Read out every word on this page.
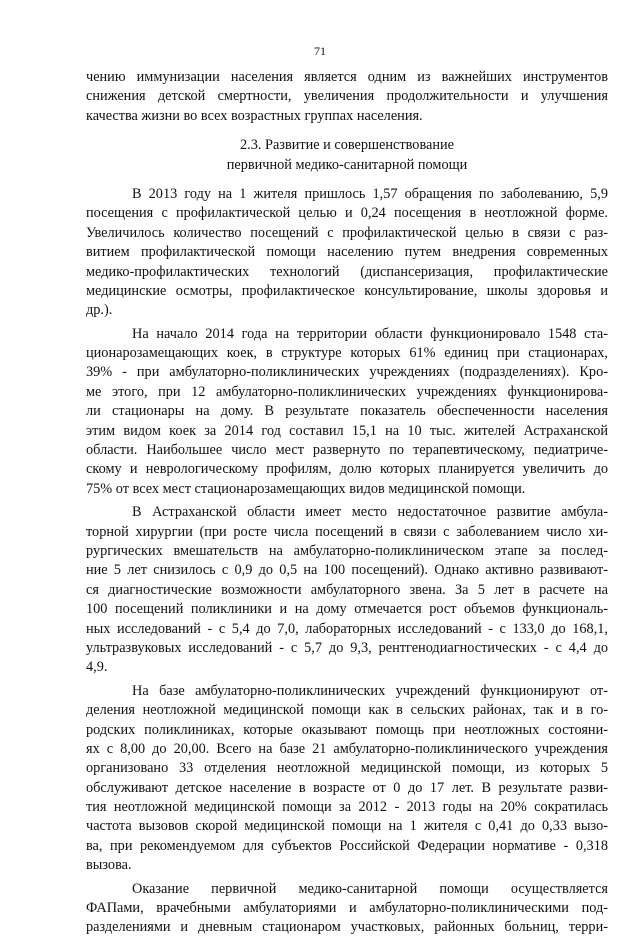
71
чению иммунизации населения является одним из важнейших инструментов
снижения детской смертности, увеличения продолжительности и улучшения
качества жизни во всех возрастных группах населения.
2.3. Развитие и совершенствование
первичной медико-санитарной помощи
В 2013 году на 1 жителя пришлось 1,57 обращения по заболеванию, 5,9
посещения с профилактической целью и 0,24 посещения в неотложной форме.
Увеличилось количество посещений с профилактической целью в связи с раз-
витием профилактической помощи населению путем внедрения современных
медико-профилактических технологий (диспансеризация, профилактические
медицинские осмотры, профилактическое консультирование, школы здоровья и
др.).
На начало 2014 года на территории области функционировало 1548 ста-
ционарозамещающих коек, в структуре которых 61% единиц при стационарах,
39% - при амбулаторно-поликлинических учреждениях (подразделениях). Кро-
ме этого, при 12 амбулаторно-поликлинических учреждениях функционирова-
ли стационары на дому. В результате показатель обеспеченности населения
этим видом коек за 2014 год составил 15,1 на 10 тыс. жителей Астраханской
области. Наибольшее число мест развернуто по терапевтическому, педиатриче-
скому и неврологическому профилям, долю которых планируется увеличить до
75% от всех мест стационарозамещающих видов медицинской помощи.
В Астраханской области имеет место недостаточное развитие амбула-
торной хирургии (при росте числа посещений в связи с заболеванием число хи-
рургических вмешательств на амбулаторно-поликлиническом этапе за послед-
ние 5 лет снизилось с 0,9 до 0,5 на 100 посещений). Однако активно развивают-
ся диагностические возможности амбулаторного звена. За 5 лет в расчете на
100 посещений поликлиники и на дому отмечается рост объемов функциональ-
ных исследований - с 5,4 до 7,0, лабораторных исследований - с 133,0 до 168,1,
ультразвуковых исследований - с 5,7 до 9,3, рентгенодиагностических - с 4,4 до
4,9.
На базе амбулаторно-поликлинических учреждений функционируют от-
деления неотложной медицинской помощи как в сельских районах, так и в го-
родских поликлиниках, которые оказывают помощь при неотложных состояни-
ях с 8,00 до 20,00. Всего на базе 21 амбулаторно-поликлинического учреждения
организовано 33 отделения неотложной медицинской помощи, из которых 5
обслуживают детское население в возрасте от 0 до 17 лет. В результате разви-
тия неотложной медицинской помощи за 2012 - 2013 годы на 20% сократилась
частота вызовов скорой медицинской помощи на 1 жителя с 0,41 до 0,33 вызо-
ва, при рекомендуемом для субъектов Российской Федерации нормативе - 0,318
вызова.
Оказание первичной медико-санитарной помощи осуществляется
ФАПами, врачебными амбулаториями и амбулаторно-поликлиническими под-
разделениями и дневным стационаром участковых, районных больниц, терри-
